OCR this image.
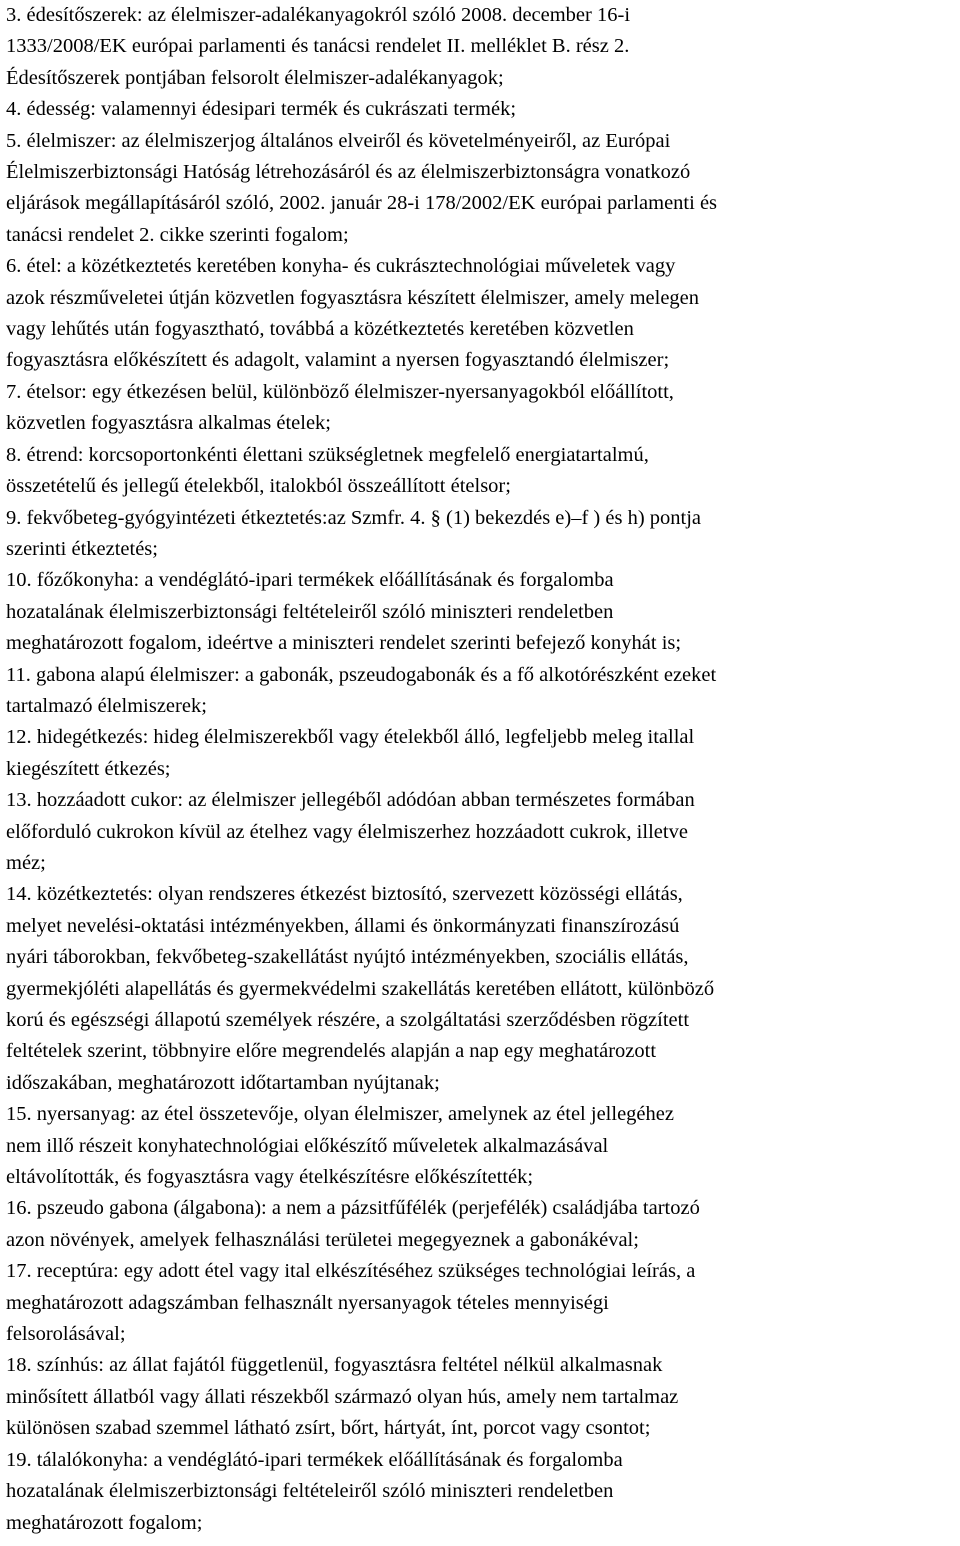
3. édesítőszerek: az élelmiszer-adalékanyagokról szóló 2008. december 16-i
1333/2008/EK európai parlamenti és tanácsi rendelet II. melléklet B. rész 2.
Édesítőszerek pontjában felsorolt élelmiszer-adalékanyagok;
4. édesség: valamennyi édesipari termék és cukrászati termék;
5. élelmiszer: az élelmiszerjog általános elveiről és követelményeiről, az Európai
Élelmiszerbiztonsági Hatóság létrehozásáról és az élelmiszerbiztonságra vonatkozó
eljárások megállapításáról szóló, 2002. január 28-i 178/2002/EK európai parlamenti és
tanácsi rendelet 2. cikke szerinti fogalom;
6. étel: a közétkeztetés keretében konyha- és cukrásztechnológiai műveletek vagy
azok részműveletei útján közvetlen fogyasztásra készített élelmiszer, amely melegen
vagy lehűtés után fogyasztható, továbbá a közétkeztetés keretében közvetlen
fogyasztásra előkészített és adagolt, valamint a nyersen fogyasztandó élelmiszer;
7. ételsor: egy étkezésen belül, különböző élelmiszer-nyersanyagokból előállított,
közvetlen fogyasztásra alkalmas ételek;
8. étrend: korcsoportonkénti élettani szükségletnek megfelelő energiatartalmú,
összetételű és jellegű ételekből, italokból összeállított ételsor;
9. fekvőbeteg-gyógyintézeti étkeztetés:az Szmfr. 4. § (1) bekezdés e)–f ) és h) pontja
szerinti étkeztetés;
10. főzőkonyha: a vendéglátó-ipari termékek előállításának és forgalomba
hozatalának élelmiszerbiztonsági feltételeiről szóló miniszteri rendeletben
meghatározott fogalom, ideértve a miniszteri rendelet szerinti befejező konyhát is;
11. gabona alapú élelmiszer: a gabonák, pszeudogabonák és a fő alkotórészként ezeket
tartalmazó élelmiszerek;
12. hidegétkezés: hideg élelmiszerekből vagy ételekből álló, legfeljebb meleg itallal
kiegészített étkezés;
13. hozzáadott cukor: az élelmiszer jellegéből adódóan abban természetes formában
előforduló cukrokon kívül az ételhez vagy élelmiszerhez hozzáadott cukrok, illetve
méz;
14. közétkeztetés: olyan rendszeres étkezést biztosító, szervezett közösségi ellátás,
melyet nevelési-oktatási intézményekben, állami és önkormányzati finanszírozású
nyári táborokban, fekvőbeteg-szakellátást nyújtó intézményekben, szociális ellátás,
gyermekjóléti alapellátás és gyermekvédelmi szakellátás keretében ellátott, különböző
korú és egészségi állapotú személyek részére, a szolgáltatási szerződésben rögzített
feltételek szerint, többnyire előre megrendelés alapján a nap egy meghatározott
időszakában, meghatározott időtartamban nyújtanak;
15. nyersanyag: az étel összetevője, olyan élelmiszer, amelynek az étel jellegéhez
nem illő részeit konyhatechnológiai előkészítő műveletek alkalmazásával
eltávolították, és fogyasztásra vagy ételkészítésre előkészítették;
16. pszeudo gabona (álgabona): a nem a pázsitfűfélék (perjefélék) családjába tartozó
azon növények, amelyek felhasználási területei megegyeznek a gabonákéval;
17. receptúra: egy adott étel vagy ital elkészítéséhez szükséges technológiai leírás, a
meghatározott adagszámban felhasznált nyersanyagok tételes mennyiségi
felsorolásával;
18. színhús: az állat fajától függetlenül, fogyasztásra feltétel nélkül alkalmasnak
minősített állatból vagy állati részekből származó olyan hús, amely nem tartalmaz
különösen szabad szemmel látható zsírt, bőrt, hártyát, ínt, porcot vagy csontot;
19. tálalókonyha: a vendéglátó-ipari termékek előállításának és forgalomba
hozatalának élelmiszerbiztonsági feltételeiről szóló miniszteri rendeletben
meghatározott fogalom;
